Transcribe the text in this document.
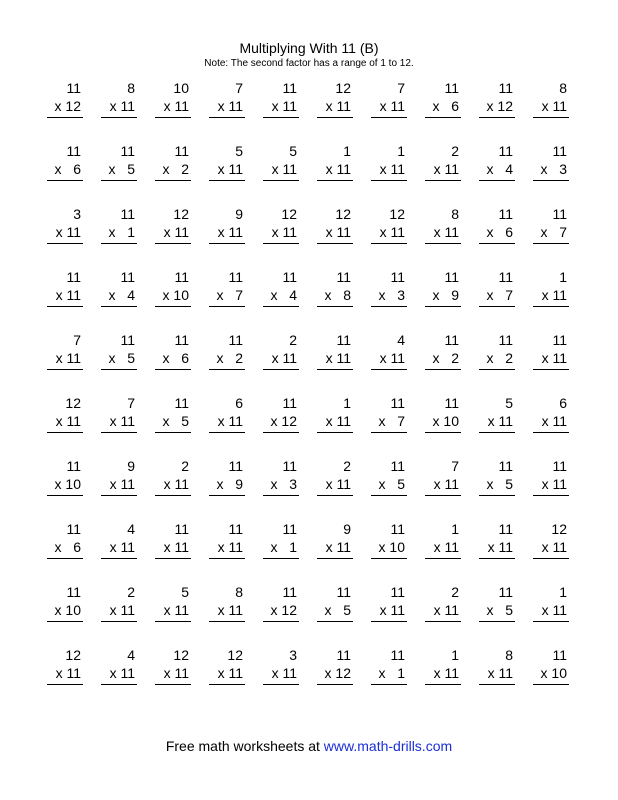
Multiplying With 11 (B)
Note: The second factor has a range of 1 to 12.
11
x 12
8
x 11
10
x 11
7
x 11
11
x 11
12
x 11
7
x 11
11
x  6
11
x 12
8
x 11
11
x  6
11
x  5
11
x  2
5
x 11
5
x 11
1
x 11
1
x 11
2
x 11
11
x  4
11
x  3
3
x 11
11
x  1
12
x 11
9
x 11
12
x 11
12
x 11
12
x 11
8
x 11
11
x  6
11
x  7
11
x 11
11
x  4
11
x 10
11
x  7
11
x  4
11
x  8
11
x  3
11
x  9
11
x  7
1
x 11
7
x 11
11
x  5
11
x  6
11
x  2
2
x 11
11
x 11
4
x 11
11
x  2
11
x  2
11
x 11
12
x 11
7
x 11
11
x  5
6
x 11
11
x 12
1
x 11
11
x  7
11
x 10
5
x 11
6
x 11
11
x 10
9
x 11
2
x 11
11
x  9
11
x  3
2
x 11
11
x  5
7
x 11
11
x  5
11
x 11
11
x  6
4
x 11
11
x 11
11
x 11
11
x  1
9
x 11
11
x 10
1
x 11
11
x 11
12
x 11
11
x 10
2
x 11
5
x 11
8
x 11
11
x 12
11
x  5
11
x 11
2
x 11
11
x  5
1
x 11
12
x 11
4
x 11
12
x 11
12
x 11
3
x 11
11
x 12
11
x  1
1
x 11
8
x 11
11
x 10
Free math worksheets at www.math-drills.com
